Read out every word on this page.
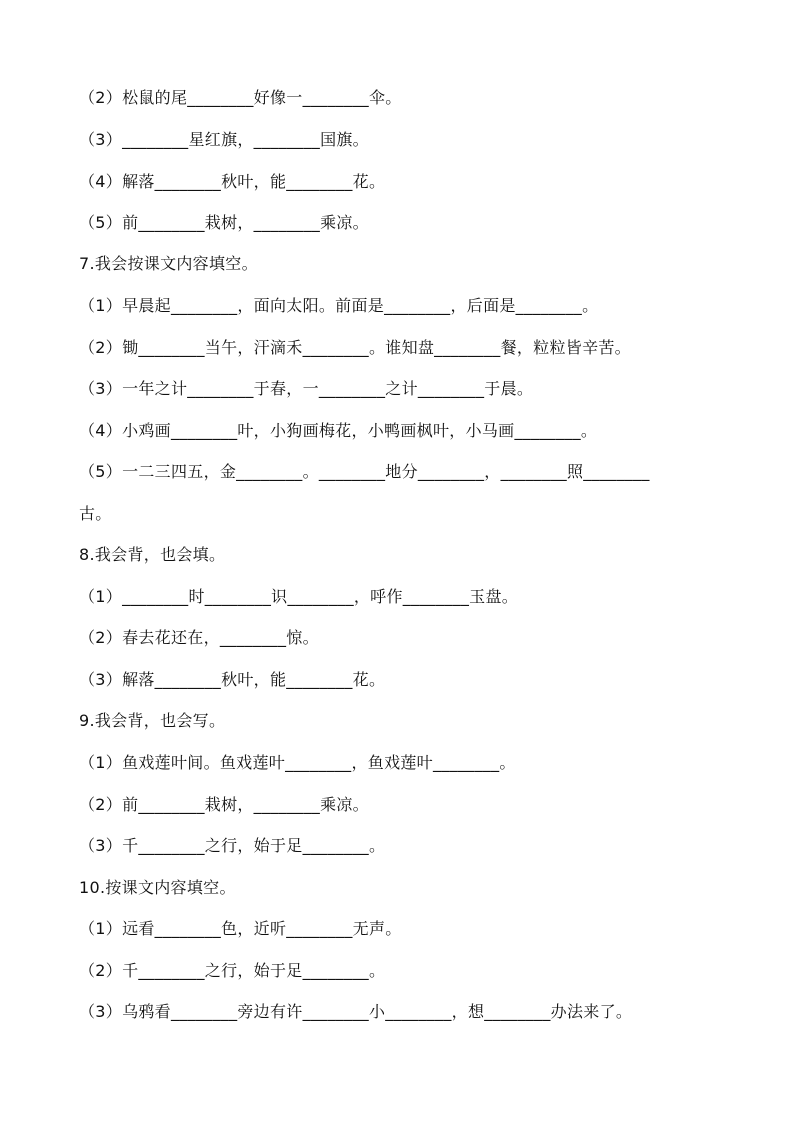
（2）松鼠的尾________好像一________伞。
（3）________星红旗，________国旗。
（4）解落________秋叶，能________花。
（5）前________栽树，________乘凉。
7.我会按课文内容填空。
（1）早晨起________，面向太阳。前面是________，后面是________。
（2）锄________当午，汗滴禾________。谁知盘________餐，粒粒皆辛苦。
（3）一年之计________于春，一________之计________于晨。
（4）小鸡画________叶，小狗画梅花，小鸭画枫叶，小马画________。
（5）一二三四五，金________。________地分________，________照________
古。
8.我会背，也会填。
（1）________时________识________，呼作________玉盘。
（2）春去花还在，________惊。
（3）解落________秋叶，能________花。
9.我会背，也会写。
（1）鱼戏莲叶间。鱼戏莲叶________，鱼戏莲叶________。
（2）前________栽树，________乘凉。
（3）千________之行，始于足________。
10.按课文内容填空。
（1）远看________色，近听________无声。
（2）千________之行，始于足________。
（3）乌鸦看________旁边有许________小________，想________办法来了。
